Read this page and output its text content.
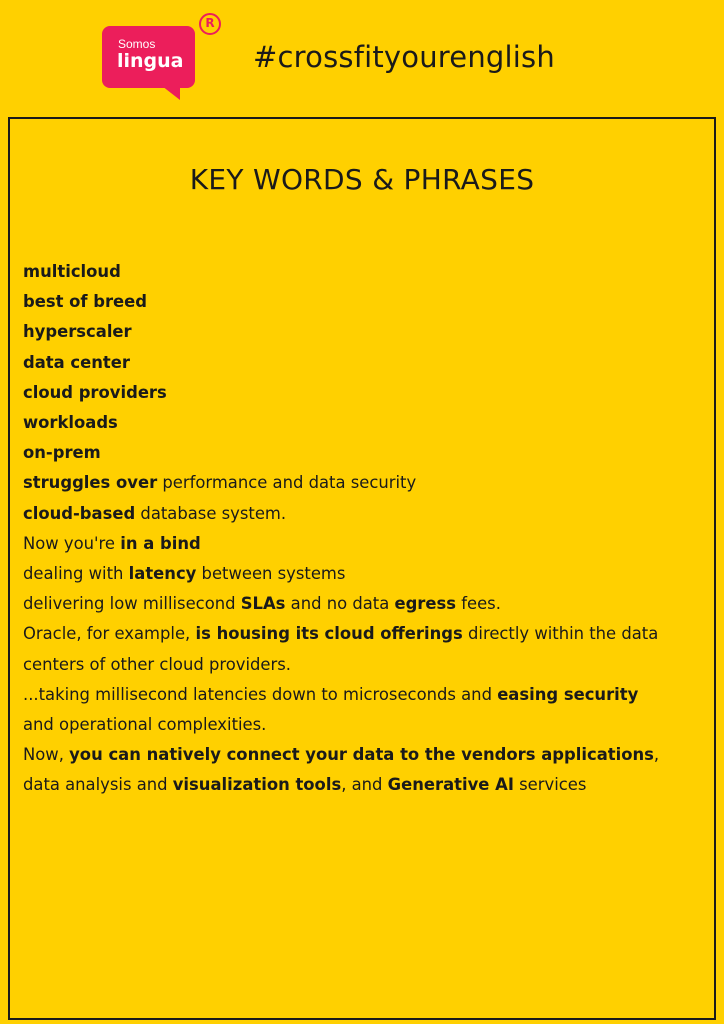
Somos
lingua
R
#crossfityourenglish
KEY WORDS & PHRASES
multicloud
best of breed
hyperscaler
data center
cloud providers
workloads
on-prem
struggles over performance and data security
cloud-based database system.
Now you're in a bind
dealing with latency between systems
delivering low millisecond SLAs and no data egress fees.
Oracle, for example, is housing its cloud offerings directly within the data
centers of other cloud providers.
...taking millisecond latencies down to microseconds and easing security
and operational complexities.
Now, you can natively connect your data to the vendors applications,
data analysis and visualization tools, and Generative AI services
